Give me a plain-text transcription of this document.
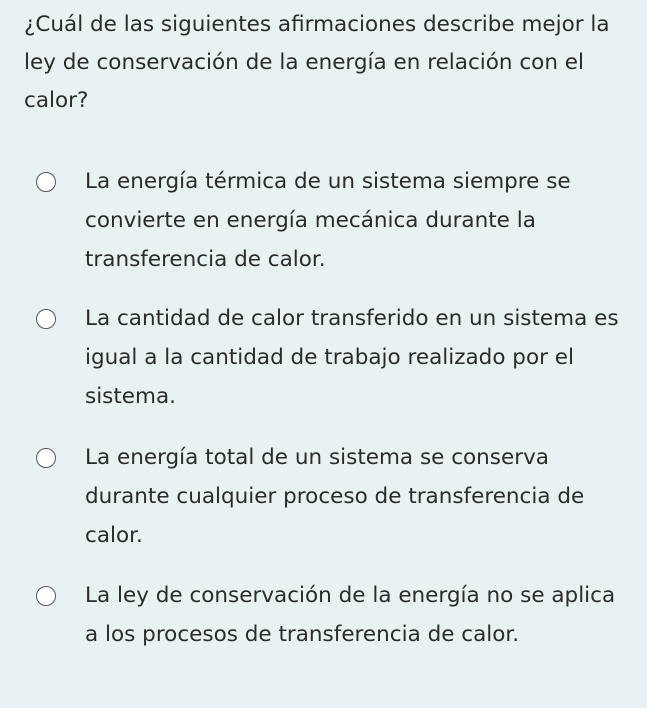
¿Cuál de las siguientes afirmaciones describe mejor la ley de conservación de la energía en relación con el calor?

La energía térmica de un sistema siempre se convierte en energía mecánica durante la transferencia de calor.
La cantidad de calor transferido en un sistema es igual a la cantidad de trabajo realizado por el sistema.
La energía total de un sistema se conserva durante cualquier proceso de transferencia de calor.
La ley de conservación de la energía no se aplica a los procesos de transferencia de calor.
